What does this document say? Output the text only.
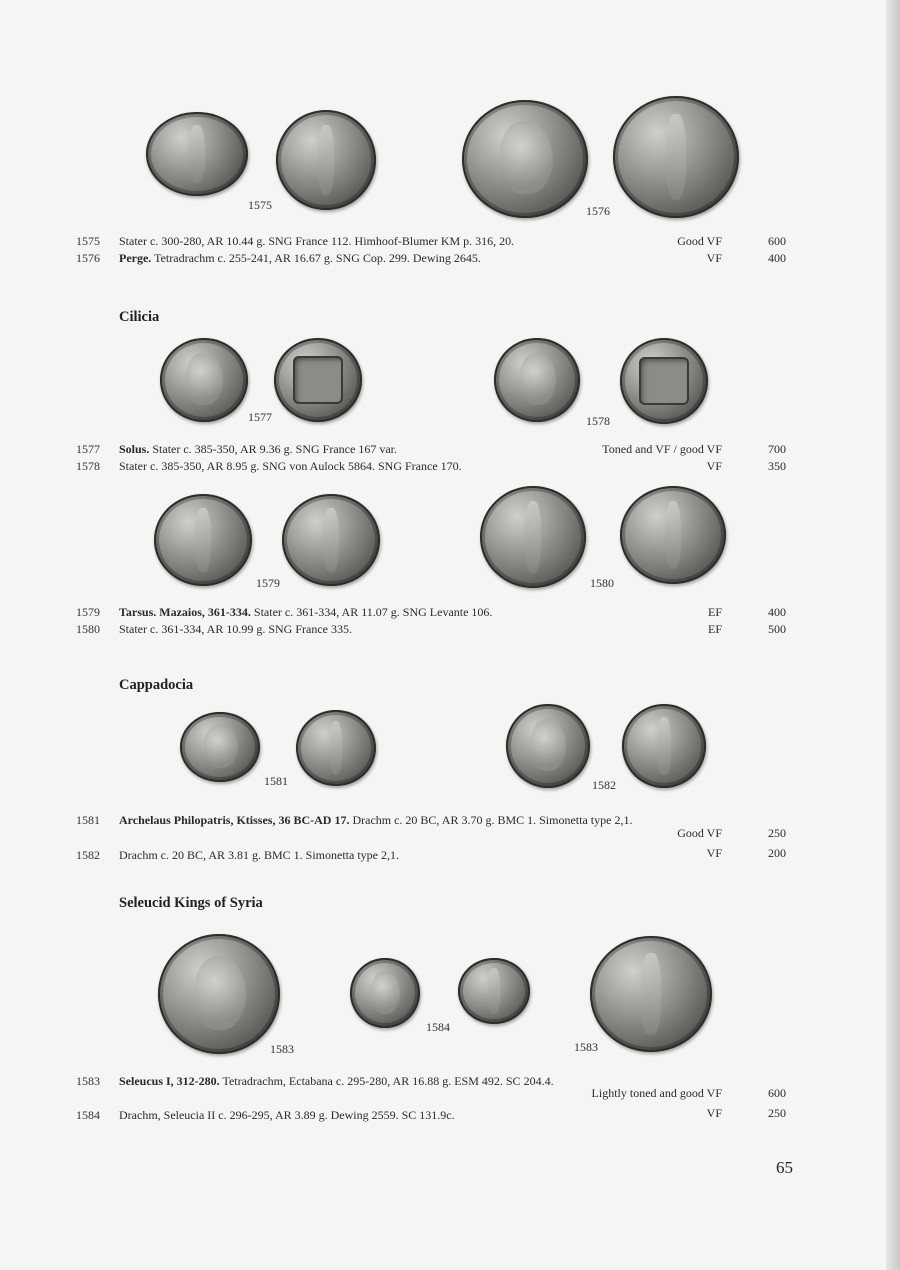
1575	1576
1575 Stater c. 300-280, AR 10.44 g. SNG France 112. Himhoof-Blumer KM p. 316, 20.	Good VF	600
1576 Perge. Tetradrachm c. 255-241, AR 16.67 g. SNG Cop. 299. Dewing 2645.	VF	400
Cilicia
1577	1578
1577 Solus. Stater c. 385-350, AR 9.36 g. SNG France 167 var.	Toned and VF / good VF	700
1578 Stater c. 385-350, AR 8.95 g. SNG von Aulock 5864. SNG France 170.	VF	350
1579	1580
1579 Tarsus. Mazaios, 361-334. Stater c. 361-334, AR 11.07 g. SNG Levante 106.	EF	400
1580 Stater c. 361-334, AR 10.99 g. SNG France 335.	EF	500
Cappadocia
1581	1582
1581 Archelaus Philopatris, Ktisses, 36 BC-AD 17. Drachm c. 20 BC, AR 3.70 g. BMC 1. Simonetta type 2,1.
Good VF	250
1582 Drachm c. 20 BC, AR 3.81 g. BMC 1. Simonetta type 2,1.	VF	200
Seleucid Kings of Syria
1583
1584
1583
1583 Seleucus I, 312-280. Tetradrachm, Ectabana c. 295-280, AR 16.88 g. ESM 492. SC 204.4.
Lightly toned and good VF	600
1584 Drachm, Seleucia II c. 296-295, AR 3.89 g. Dewing 2559. SC 131.9c.	VF	250
65
